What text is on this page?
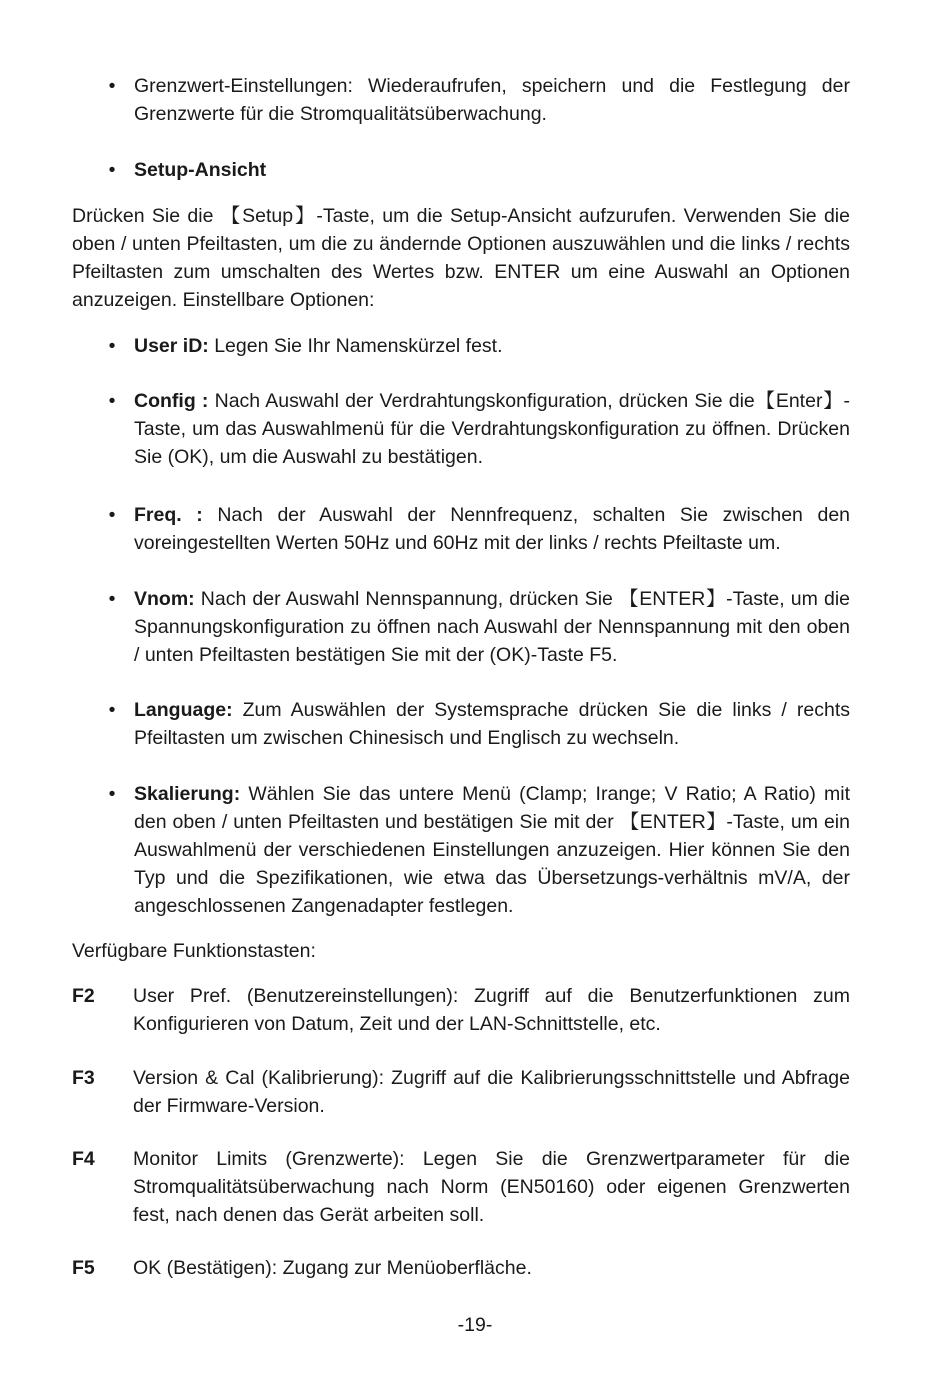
• Grenzwert-Einstellungen: Wiederaufrufen, speichern und die Festlegung der Grenzwerte für die Stromqualitätsüberwachung.
• Setup-Ansicht
Drücken Sie die 【Setup】-Taste, um die Setup-Ansicht aufzurufen. Verwenden Sie die oben / unten Pfeiltasten, um die zu ändernde Optionen auszuwählen und die links / rechts Pfeiltasten zum umschalten des Wertes bzw. ENTER um eine Auswahl an Optionen anzuzeigen. Einstellbare Optionen:
• User iD: Legen Sie Ihr Namenskürzel fest.
• Config : Nach Auswahl der Verdrahtungskonfiguration, drücken Sie die【Enter】-Taste, um das Auswahlmenü für die Verdrahtungskonfiguration zu öffnen. Drücken Sie (OK), um die Auswahl zu bestätigen.
• Freq. : Nach der Auswahl der Nennfrequenz, schalten Sie zwischen den voreingestellten Werten 50Hz und 60Hz mit der links / rechts Pfeiltaste um.
• Vnom: Nach der Auswahl Nennspannung, drücken Sie 【ENTER】-Taste, um die Spannungskonfiguration zu öffnen nach Auswahl der Nennspannung mit den oben / unten Pfeiltasten bestätigen Sie mit der (OK)-Taste F5.
• Language: Zum Auswählen der Systemsprache drücken Sie die links / rechts Pfeiltasten um zwischen Chinesisch und Englisch zu wechseln.
• Skalierung: Wählen Sie das untere Menü (Clamp; Irange; V Ratio; A Ratio) mit den oben / unten Pfeiltasten und bestätigen Sie mit der 【ENTER】-Taste, um ein Auswahlmenü der verschiedenen Einstellungen anzuzeigen. Hier können Sie den Typ und die Spezifikationen, wie etwa das Übersetzungs-verhältnis mV/A, der angeschlossenen Zangenadapter festlegen.
Verfügbare Funktionstasten:
F2 User Pref. (Benutzereinstellungen): Zugriff auf die Benutzerfunktionen zum Konfigurieren von Datum, Zeit und der LAN-Schnittstelle, etc.
F3 Version & Cal (Kalibrierung): Zugriff auf die Kalibrierungsschnittstelle und Abfrage der Firmware-Version.
F4 Monitor Limits (Grenzwerte): Legen Sie die Grenzwertparameter für die Stromqualitätsüberwachung nach Norm (EN50160) oder eigenen Grenzwerten fest, nach denen das Gerät arbeiten soll.
F5 OK (Bestätigen): Zugang zur Menüoberfläche.
-19-
